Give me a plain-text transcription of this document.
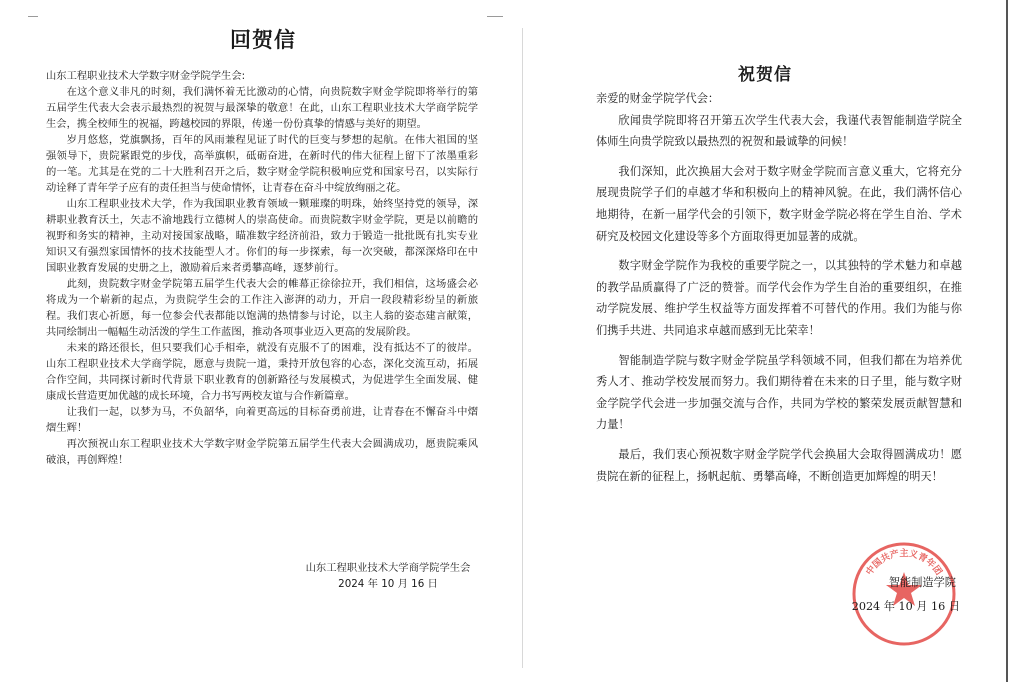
回贺信

山东工程职业技术大学数字财金学院学生会:

在这个意义非凡的时刻，我们满怀着无比激动的心情，向贵院数字财金学院即将举行的第五届学生代表大会表示最热烈的祝贺与最深挚的敬意！在此，山东工程职业技术大学商学院学生会，携全校师生的祝福，跨越校园的界限，传递一份份真挚的情感与美好的期望。

岁月悠悠，党旗飘扬，百年的风雨兼程见证了时代的巨变与梦想的起航。在伟大祖国的坚强领导下，贵院紧跟党的步伐，高举旗帜，砥砺奋进，在新时代的伟大征程上留下了浓墨重彩的一笔。尤其是在党的二十大胜利召开之后，数字财金学院积极响应党和国家号召，以实际行动诠释了青年学子应有的责任担当与使命情怀，让青春在奋斗中绽放绚丽之花。

山东工程职业技术大学，作为我国职业教育领域一颗璀璨的明珠，始终坚持党的领导，深耕职业教育沃土，矢志不渝地践行立德树人的崇高使命。而贵院数字财金学院，更是以前瞻的视野和务实的精神，主动对接国家战略，瞄准数字经济前沿，致力于锻造一批批既有扎实专业知识又有强烈家国情怀的技术技能型人才。你们的每一步探索，每一次突破，都深深烙印在中国职业教育发展的史册之上，激励着后来者勇攀高峰，逐梦前行。

此刻，贵院数字财金学院第五届学生代表大会的帷幕正徐徐拉开，我们相信，这场盛会必将成为一个崭新的起点，为贵院学生会的工作注入澎湃的动力，开启一段段精彩纷呈的新旅程。我们衷心祈愿，每一位参会代表都能以饱满的热情参与讨论，以主人翁的姿态建言献策，共同绘制出一幅幅生动活泼的学生工作蓝图，推动各项事业迈入更高的发展阶段。

未来的路还很长，但只要我们心手相牵，就没有克服不了的困难，没有抵达不了的彼岸。山东工程职业技术大学商学院，愿意与贵院一道，秉持开放包容的心态，深化交流互动，拓展合作空间，共同探讨新时代背景下职业教育的创新路径与发展模式，为促进学生全面发展、健康成长营造更加优越的成长环境，合力书写两校友谊与合作新篇章。

让我们一起，以梦为马，不负韶华，向着更高远的目标奋勇前进，让青春在不懈奋斗中熠熠生辉！

再次预祝山东工程职业技术大学数字财金学院第五届学生代表大会圆满成功，愿贵院乘风破浪，再创辉煌！

山东工程职业技术大学商学院学生会
2024 年 10 月 16 日
祝贺信

亲爱的财金学院学代会：

欣闻贵学院即将召开第五次学生代表大会，我谨代表智能制造学院全体师生向贵学院致以最热烈的祝贺和最诚挚的问候！

我们深知，此次换届大会对于数字财金学院而言意义重大，它将充分展现贵院学子们的卓越才华和积极向上的精神风貌。在此，我们满怀信心地期待，在新一届学代会的引领下，数字财金学院必将在学生自治、学术研究及校园文化建设等多个方面取得更加显著的成就。

数字财金学院作为我校的重要学院之一，以其独特的学术魅力和卓越的教学品质赢得了广泛的赞誉。而学代会作为学生自治的重要组织，在推动学院发展、维护学生权益等方面发挥着不可替代的作用。我们为能与你们携手共进、共同追求卓越而感到无比荣幸！

智能制造学院与数字财金学院虽学科领域不同，但我们都在为培养优秀人才、推动学校发展而努力。我们期待着在未来的日子里，能与数字财金学院学代会进一步加强交流与合作，共同为学校的繁荣发展贡献智慧和力量！

最后，我们衷心预祝数字财金学院学代会换届大会取得圆满成功！愿贵院在新的征程上，扬帆起航、勇攀高峰，不断创造更加辉煌的明天！

中国共产主义青年团
智能制造学院
2024 年 10 月 16 日
